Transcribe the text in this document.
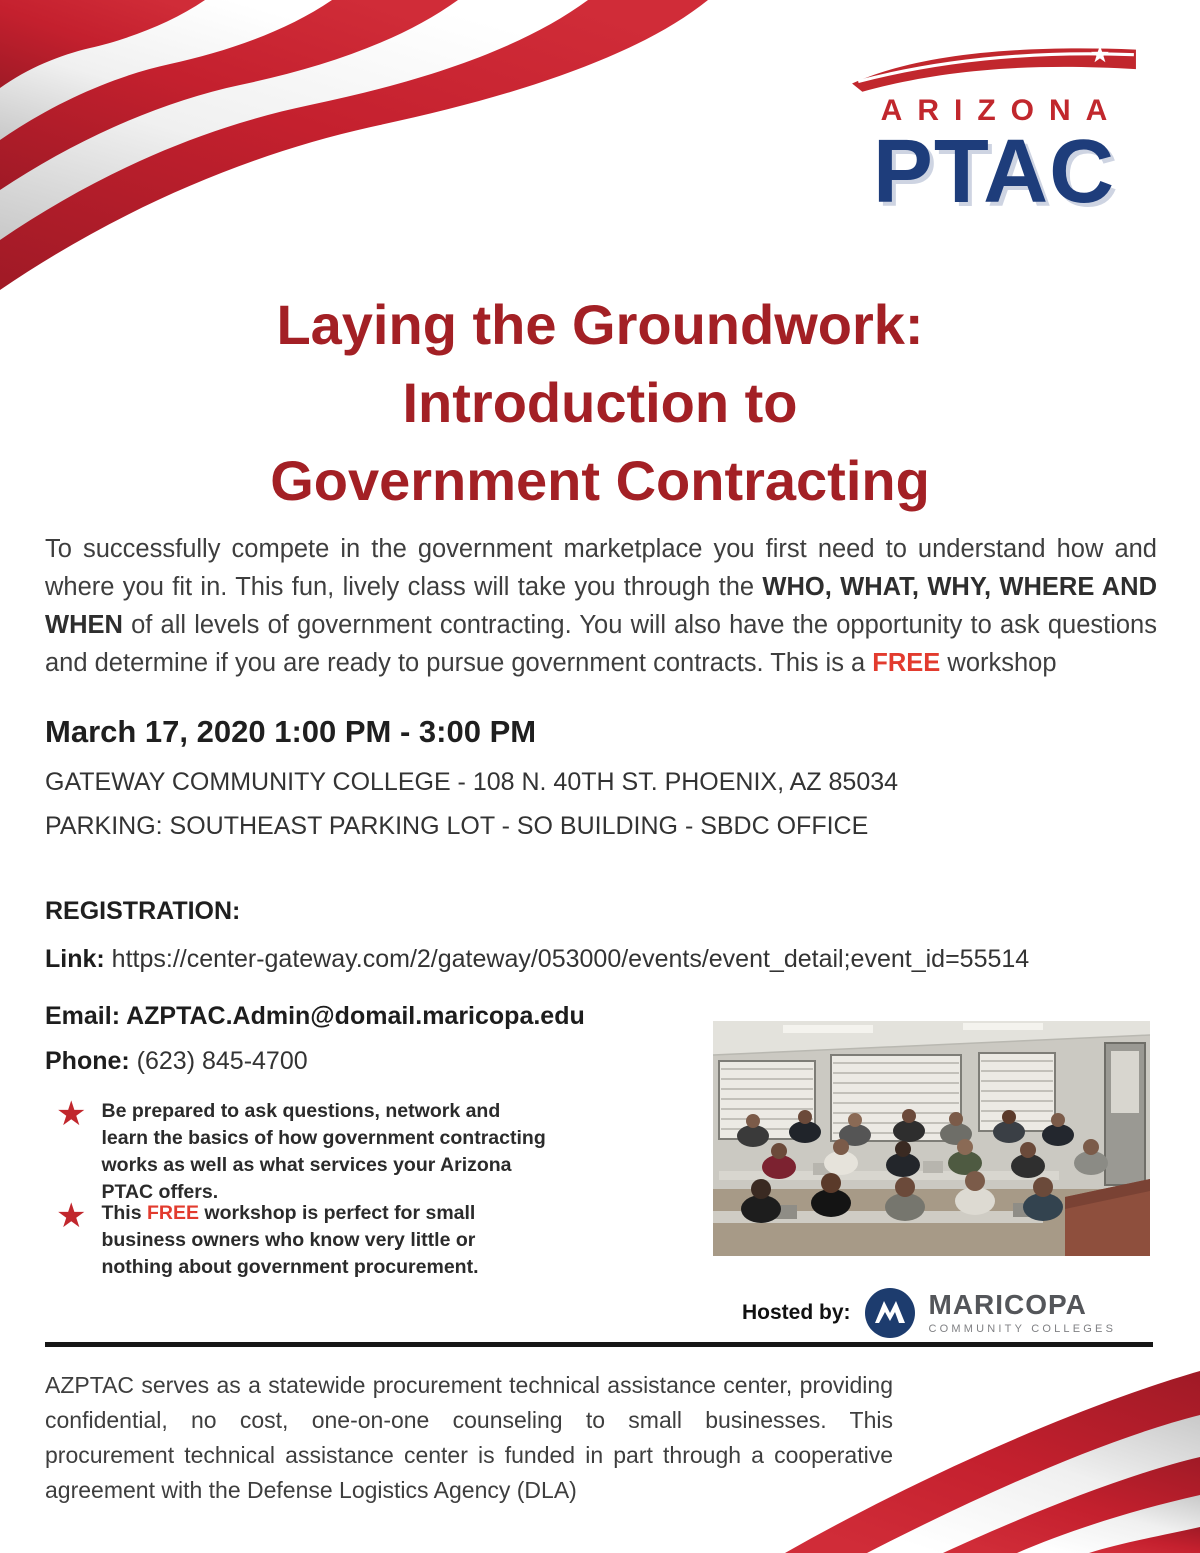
ARIZONA
PTAC
Laying the Groundwork:
Introduction to
Government Contracting

To successfully compete in the government marketplace you first need to understand how and where you fit in. This fun, lively class will take you through the WHO, WHAT, WHY, WHERE AND WHEN of all levels of government contracting. You will also have the opportunity to ask questions and determine if you are ready to pursue government contracts. This is a FREE workshop

March 17, 2020 1:00 PM - 3:00 PM
GATEWAY COMMUNITY COLLEGE - 108 N. 40TH ST. PHOENIX, AZ 85034
PARKING: SOUTHEAST PARKING LOT - SO BUILDING - SBDC OFFICE
REGISTRATION:
Link: https://center-gateway.com/2/gateway/053000/events/event_detail;event_id=55514
Email: AZPTAC.Admin@domail.maricopa.edu
Phone: (623) 845-4700
★ Be prepared to ask questions, network and learn the basics of how government contracting works as well as what services your Arizona PTAC offers.
★ This FREE workshop is perfect for small business owners who know very little or nothing about government procurement.
Hosted by:	MARICOPA
COMMUNITY COLLEGES

AZPTAC serves as a statewide procurement technical assistance center, providing confidential, no cost, one-on-one counseling to small businesses. This procurement technical assistance center is funded in part through a cooperative agreement with the Defense Logistics Agency (DLA)
